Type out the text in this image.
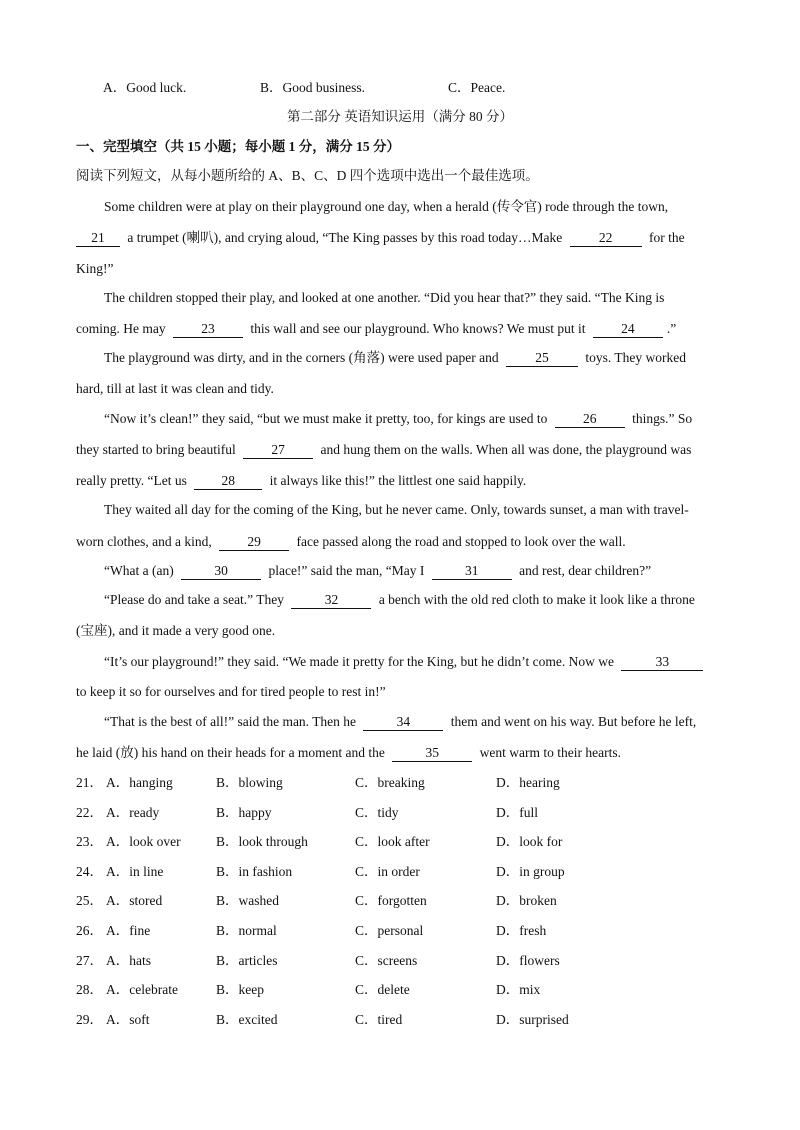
A．Good luck.	B．Good business.	C．Peace.
第二部分 英语知识运用（满分 80 分）
一、完型填空（共 15 小题；每小题 1 分，满分 15 分）
阅读下列短文，从每小题所给的 A、B、C、D 四个选项中选出一个最佳选项。
Some children were at play on their playground one day, when a herald (传令官) rode through the town,
21 a trumpet (喇叭), and crying aloud, “The King passes by this road today…Make 22 for the
King!”
The children stopped their play, and looked at one another. “Did you hear that?” they said. “The King is
coming. He may 23 this wall and see our playground. Who knows? We must put it 24 .”
The playground was dirty, and in the corners (角落) were used paper and 25 toys. They worked
hard, till at last it was clean and tidy.
“Now it’s clean!” they said, “but we must make it pretty, too, for kings are used to 26 things.” So
they started to bring beautiful 27 and hung them on the walls. When all was done, the playground was
really pretty. “Let us 28 it always like this!” the littlest one said happily.
They waited all day for the coming of the King, but he never came. Only, towards sunset, a man with travel-
worn clothes, and a kind, 29 face passed along the road and stopped to look over the wall.
“What a (an)	30	place!” said the man, “May I	31	and rest, dear children?”
“Please do and take a seat.” They	32	a bench with the old red cloth to make it look like a throne
(宝座), and it made a very good one.
“It’s our playground!” they said. “We made it pretty for the King, but he didn’t come. Now we	33
to keep it so for ourselves and for tired people to rest in!”
“That is the best of all!” said the man. Then he	34	them and went on his way. But before he left,
he laid (放) his hand on their heads for a moment and the	35	went warm to their hearts.
21． A．hanging	B．blowing	C．breaking	D．hearing
22． A．ready	B．happy	C．tidy	D．full
23． A．look over	B．look through	C．look after	D．look for
24． A．in line	B．in fashion	C．in order	D．in group
25． A．stored	B．washed	C．forgotten	D．broken
26． A．fine	B．normal	C．personal	D．fresh
27． A．hats	B．articles	C．screens	D．flowers
28． A．celebrate	B．keep	C．delete	D．mix
29． A．soft	B．excited	C．tired	D．surprised
